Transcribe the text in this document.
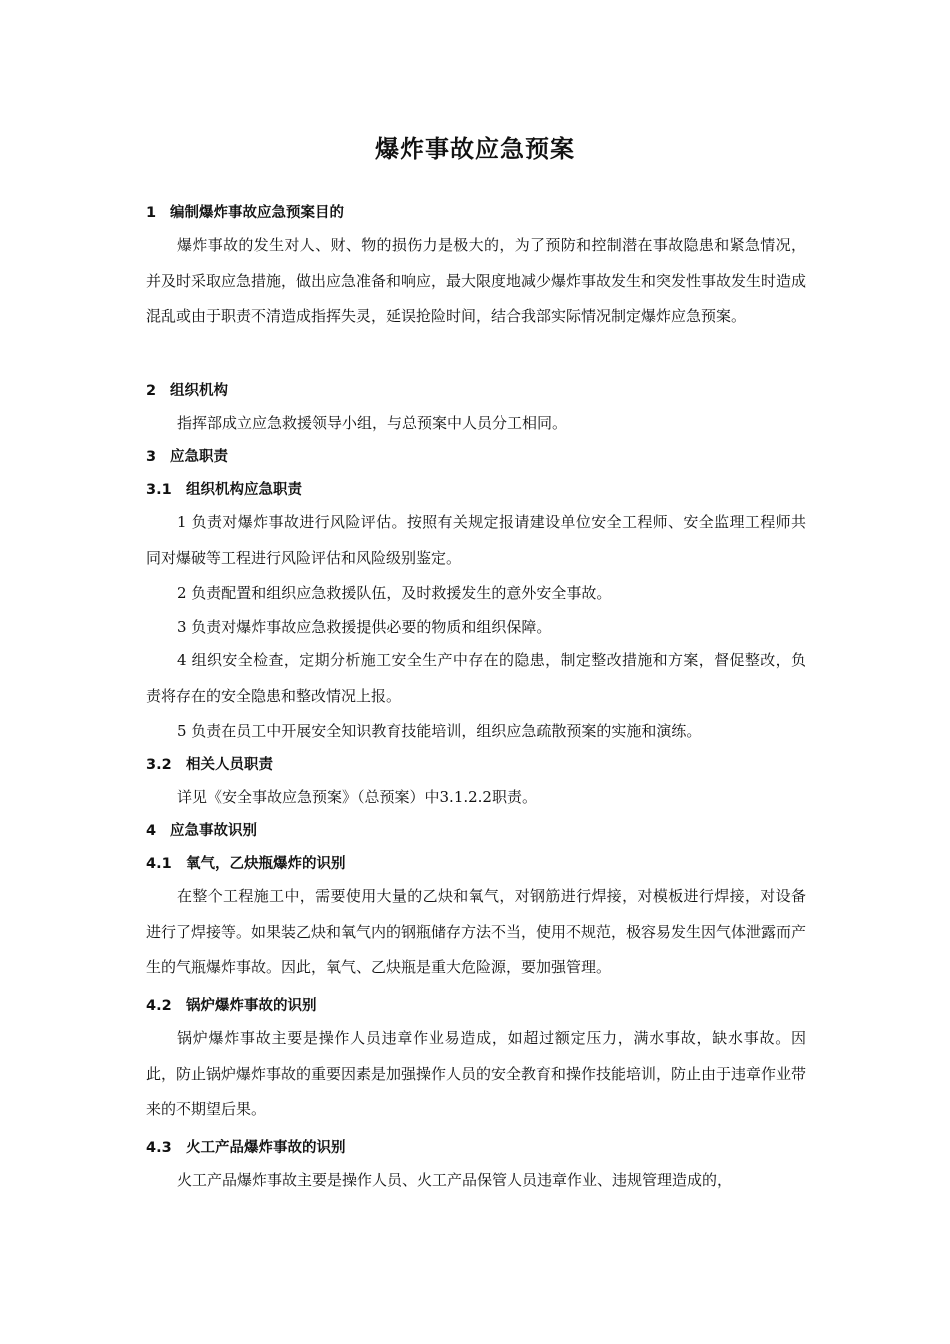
爆炸事故应急预案
1 编制爆炸事故应急预案目的

爆炸事故的发生对人、财、物的损伤力是极大的，为了预防和控制潜在事故隐患和紧急情况，并及时采取应急措施，做出应急准备和响应，最大限度地减少爆炸事故发生和突发性事故发生时造成混乱或由于职责不清造成指挥失灵，延误抢险时间，结合我部实际情况制定爆炸应急预案。

2 组织机构

指挥部成立应急救援领导小组，与总预案中人员分工相同。

3 应急职责
3.1 组织机构应急职责

1 负责对爆炸事故进行风险评估。按照有关规定报请建设单位安全工程师、安全监理工程师共同对爆破等工程进行风险评估和风险级别鉴定。

2 负责配置和组织应急救援队伍，及时救援发生的意外安全事故。

3 负责对爆炸事故应急救援提供必要的物质和组织保障。

4 组织安全检查，定期分析施工安全生产中存在的隐患，制定整改措施和方案，督促整改，负责将存在的安全隐患和整改情况上报。

5 负责在员工中开展安全知识教育技能培训，组织应急疏散预案的实施和演练。

3.2 相关人员职责

详见《安全事故应急预案》（总预案）中3.1.2.2职责。

4 应急事故识别
4.1 氧气，乙炔瓶爆炸的识别

在整个工程施工中，需要使用大量的乙炔和氧气，对钢筋进行焊接，对模板进行焊接，对设备进行了焊接等。如果装乙炔和氧气内的钢瓶储存方法不当，使用不规范，极容易发生因气体泄露而产生的气瓶爆炸事故。因此，氧气、乙炔瓶是重大危险源，要加强管理。

4.2 锅炉爆炸事故的识别

锅炉爆炸事故主要是操作人员违章作业易造成，如超过额定压力，满水事故，缺水事故。因此，防止锅炉爆炸事故的重要因素是加强操作人员的安全教育和操作技能培训，防止由于违章作业带来的不期望后果。

4.3 火工产品爆炸事故的识别

火工产品爆炸事故主要是操作人员、火工产品保管人员违章作业、违规管理造成的，
